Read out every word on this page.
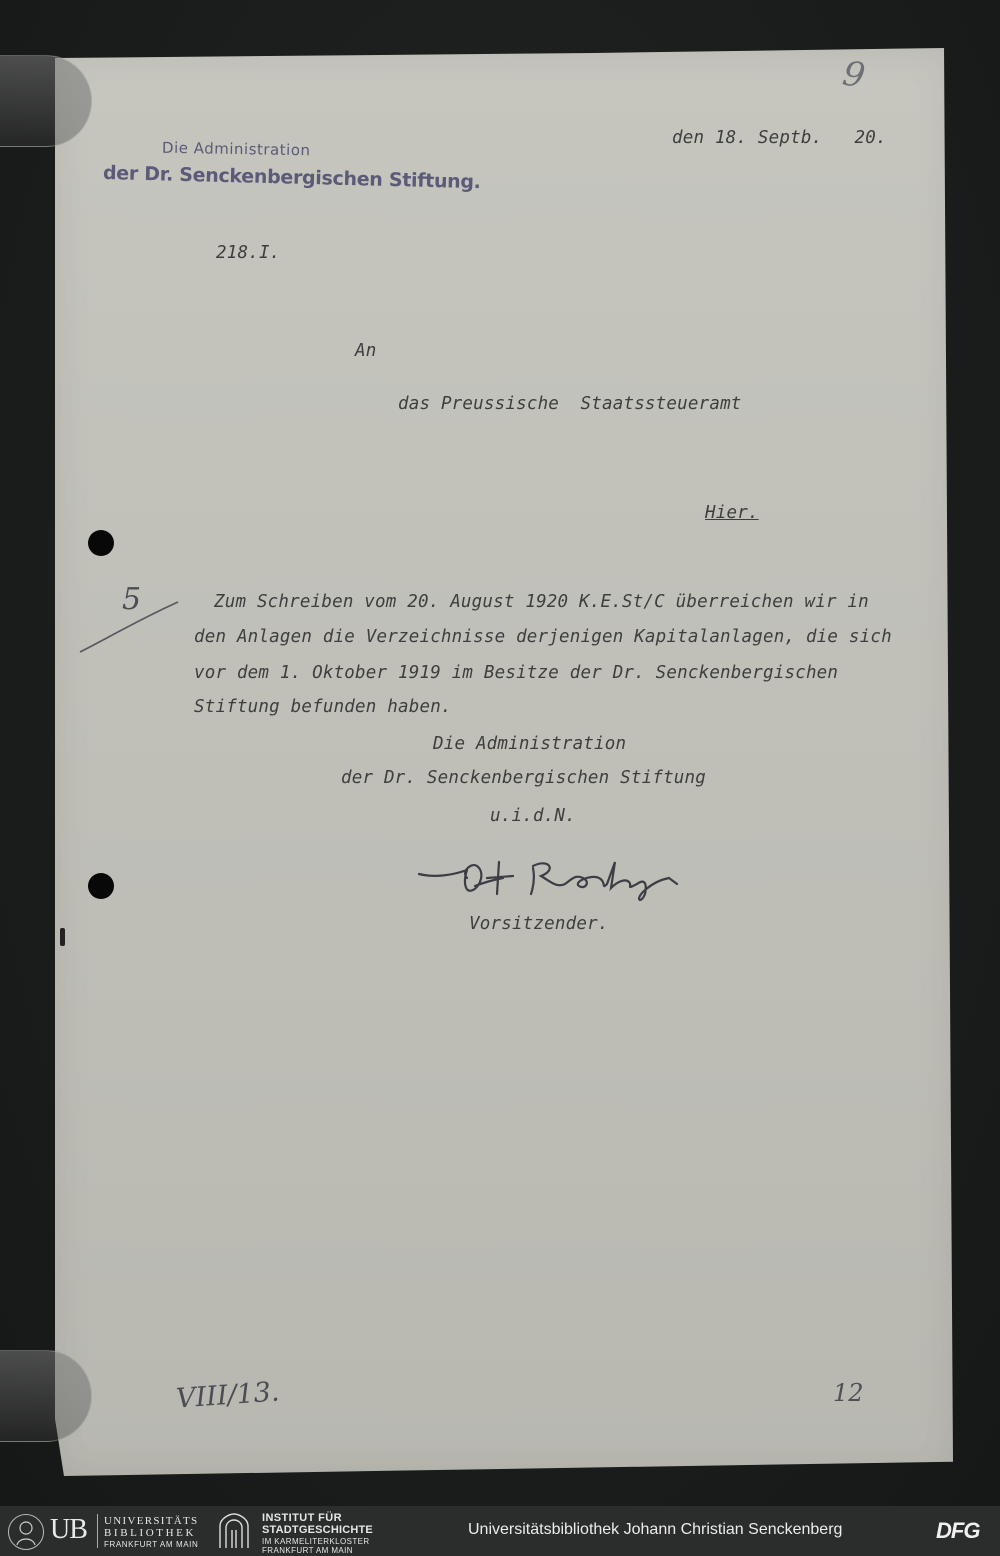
Die Administration
der Dr. Senckenbergischen Stiftung.
9
den 18. Septb.   20.
218.I.
An
das Preussische  Staatssteueramt
Hier.
5	Zum Schreiben vom 20. August 1920 K.E.St/C überreichen wir in
den Anlagen die Verzeichnisse derjenigen Kapitalanlagen, die sich
vor dem 1. Oktober 1919 im Besitze der Dr. Senckenbergischen
Stiftung befunden haben.
Die Administration
der Dr. Senckenbergischen Stiftung
u.i.d.N.
Vorsitzender.
VIII/13.	12
UB UNIVERSITÄTS
BIBLIOTHEK
FRANKFURT AM MAIN
INSTITUT FÜR
STADTGESCHICHTE
IM KARMELITERKLOSTER
FRANKFURT AM MAIN
Universitätsbibliothek Johann Christian Senckenberg	DFG
